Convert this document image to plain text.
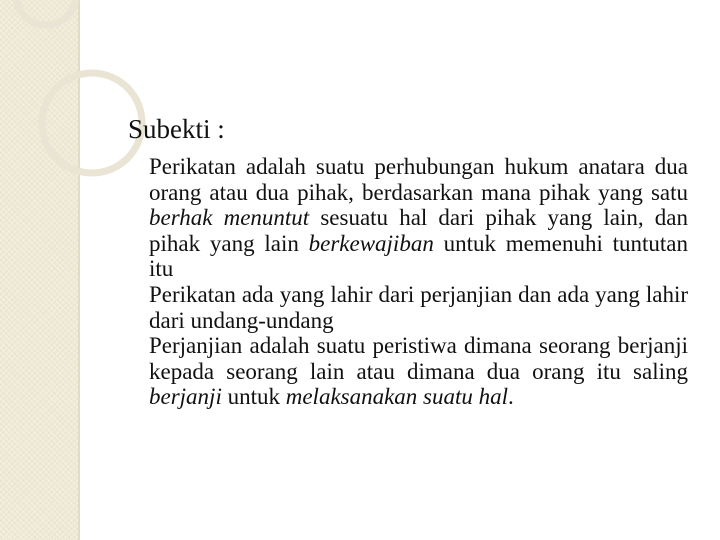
Subekti :
Perikatan adalah suatu perhubungan hukum anatara dua orang atau dua pihak, berdasarkan mana pihak yang satu berhak menuntut sesuatu hal dari pihak yang lain, dan pihak yang lain berkewajiban untuk memenuhi tuntutan itu
Perikatan ada yang lahir dari perjanjian dan ada yang lahir dari undang-undang
Perjanjian adalah suatu peristiwa dimana seorang berjanji kepada seorang lain atau dimana dua orang itu saling berjanji untuk melaksanakan suatu hal.
